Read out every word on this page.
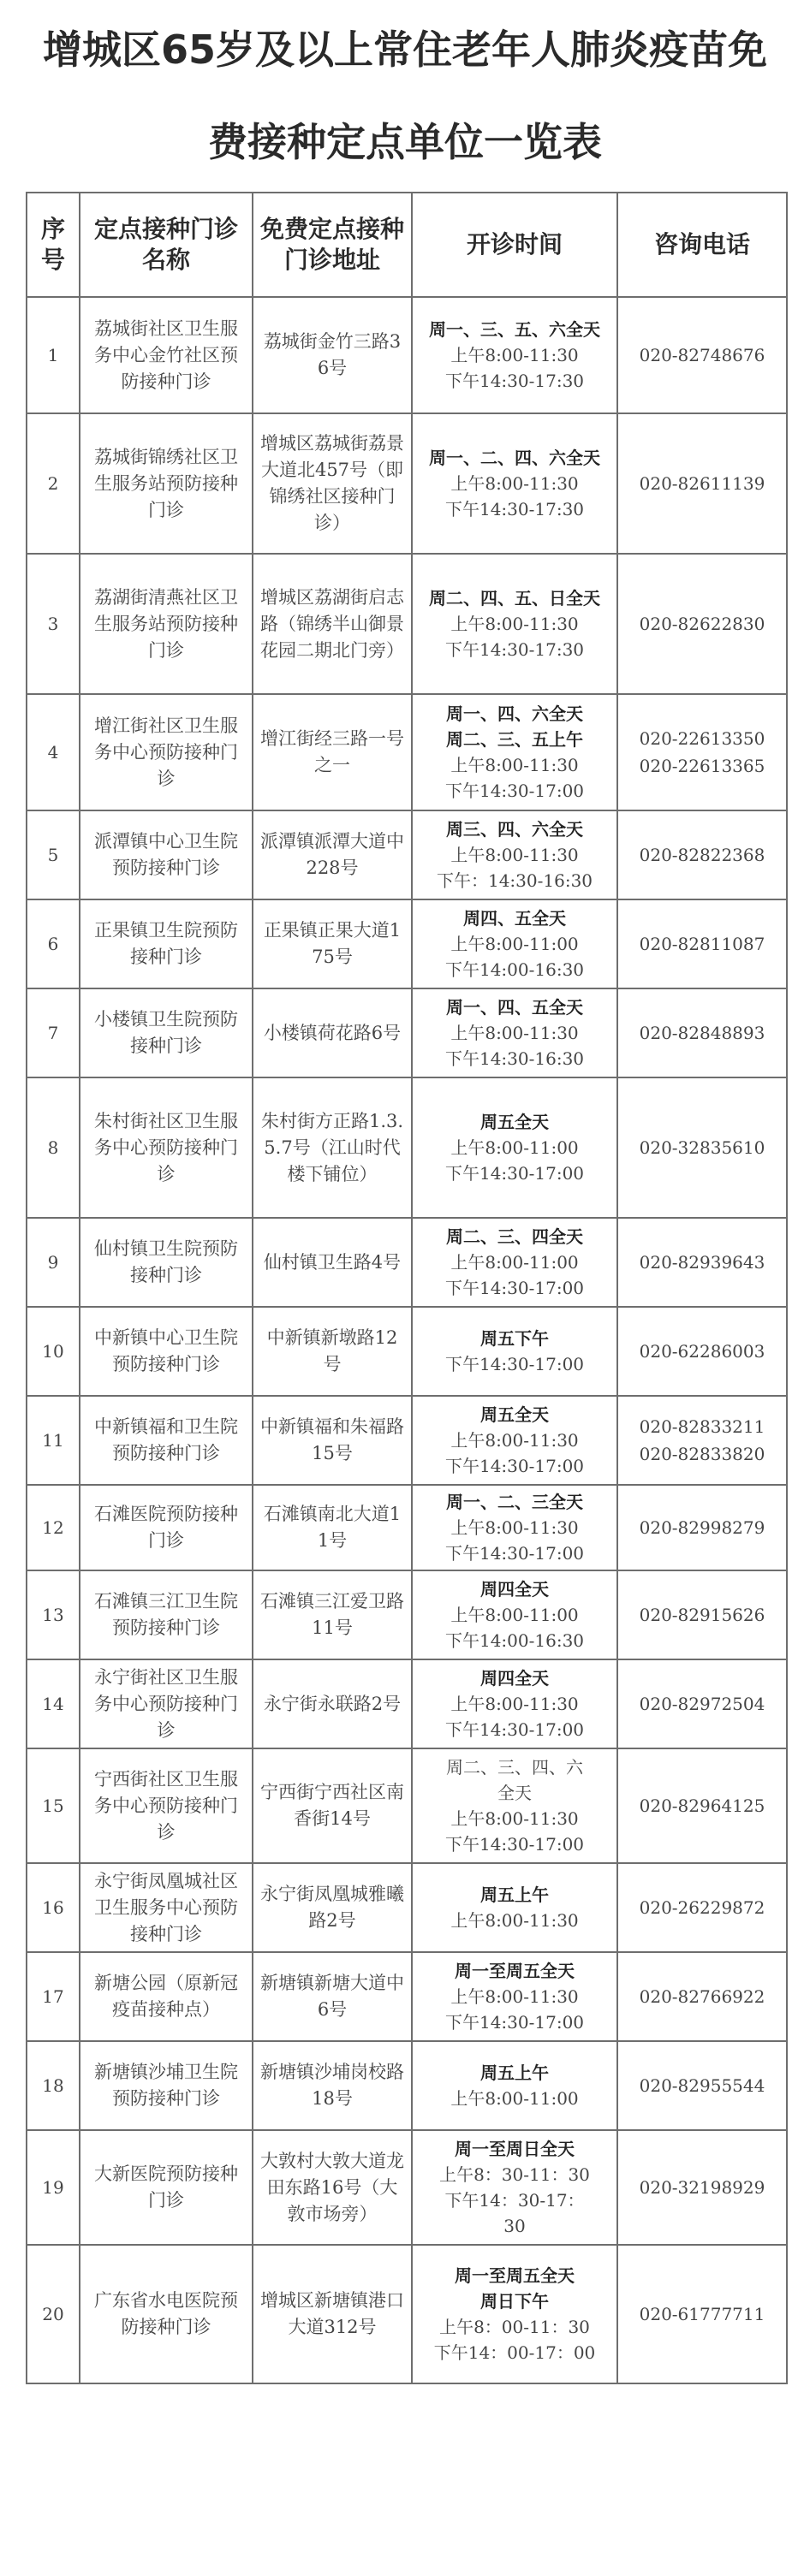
增城区65岁及以上常住老年人肺炎疫苗免
费接种定点单位一览表
序号	定点接种门诊名称	免费定点接种门诊地址	开诊时间	咨询电话
1	荔城街社区卫生服务中心金竹社区预防接种门诊	荔城街金竹三路36号	周一、三、五、六全天
上午8:00-11:30
下午14:30-17:30	020-82748676

2	荔城街锦绣社区卫生服务站预防接种门诊	增城区荔城街荔景大道北457号（即锦绣社区接种门诊）	周一、二、四、六全天
上午8:00-11:30
下午14:30-17:30	020-82611139

3	荔湖街清燕社区卫生服务站预防接种门诊	增城区荔湖街启志路（锦绣半山御景花园二期北门旁）	周二、四、五、日全天
上午8:00-11:30
下午14:30-17:30	020-82622830

4	增江街社区卫生服务中心预防接种门诊	增江街经三路一号之一	周一、四、六全天
周二、三、五上午
上午8:00-11:30
下午14:30-17:00	020-22613350
020-22613365

5	派潭镇中心卫生院预防接种门诊	派潭镇派潭大道中228号	周三、四、六全天
上午8:00-11:30
下午：14:30-16:30	020-82822368

6	正果镇卫生院预防接种门诊	正果镇正果大道175号	周四、五全天
上午8:00-11:00
下午14:00-16:30	020-82811087

7	小楼镇卫生院预防接种门诊	小楼镇荷花路6号	周一、四、五全天
上午8:00-11:30
下午14:30-16:30	020-82848893

8	朱村街社区卫生服务中心预防接种门诊	朱村街方正路1.3.5.7号（江山时代楼下铺位）	周五全天
上午8:00-11:00
下午14:30-17:00	020-32835610

9	仙村镇卫生院预防接种门诊	仙村镇卫生路4号	周二、三、四全天
上午8:00-11:00
下午14:30-17:00	020-82939643

10	中新镇中心卫生院预防接种门诊	中新镇新墩路12号	周五下午
下午14:30-17:00	020-62286003

11	中新镇福和卫生院预防接种门诊	中新镇福和朱福路15号	周五全天
上午8:00-11:30
下午14:30-17:00	020-82833211
020-82833820

12	石滩医院预防接种门诊	石滩镇南北大道11号	周一、二、三全天
上午8:00-11:30
下午14:30-17:00	020-82998279

13	石滩镇三江卫生院预防接种门诊	石滩镇三江爱卫路11号	周四全天
上午8:00-11:00
下午14:00-16:30	020-82915626

14	永宁街社区卫生服务中心预防接种门诊	永宁街永联路2号	周四全天
上午8:00-11:30
下午14:30-17:00	020-82972504

15	宁西街社区卫生服务中心预防接种门诊	宁西街宁西社区南香街14号	周二、三、四、六
全天
上午8:00-11:30
下午14:30-17:00	020-82964125

16	永宁街凤凰城社区卫生服务中心预防接种门诊	永宁街凤凰城雅曦路2号	周五上午
上午8:00-11:30	020-26229872

17	新塘公园（原新冠疫苗接种点）	新塘镇新塘大道中6号	周一至周五全天
上午8:00-11:30
下午14:30-17:00	020-82766922

18	新塘镇沙埔卫生院预防接种门诊	新塘镇沙埔岗校路18号	周五上午
上午8:00-11:00	020-82955544

19	大新医院预防接种门诊	大敦村大敦大道龙田东路16号（大敦市场旁）	周一至周日全天
上午8：30-11：30
下午14：30-17：
30	020-32198929

20	广东省水电医院预防接种门诊	增城区新塘镇港口大道312号	周一至周五全天
周日下午
上午8：00-11：30
下午14：00-17：00	020-61777711
